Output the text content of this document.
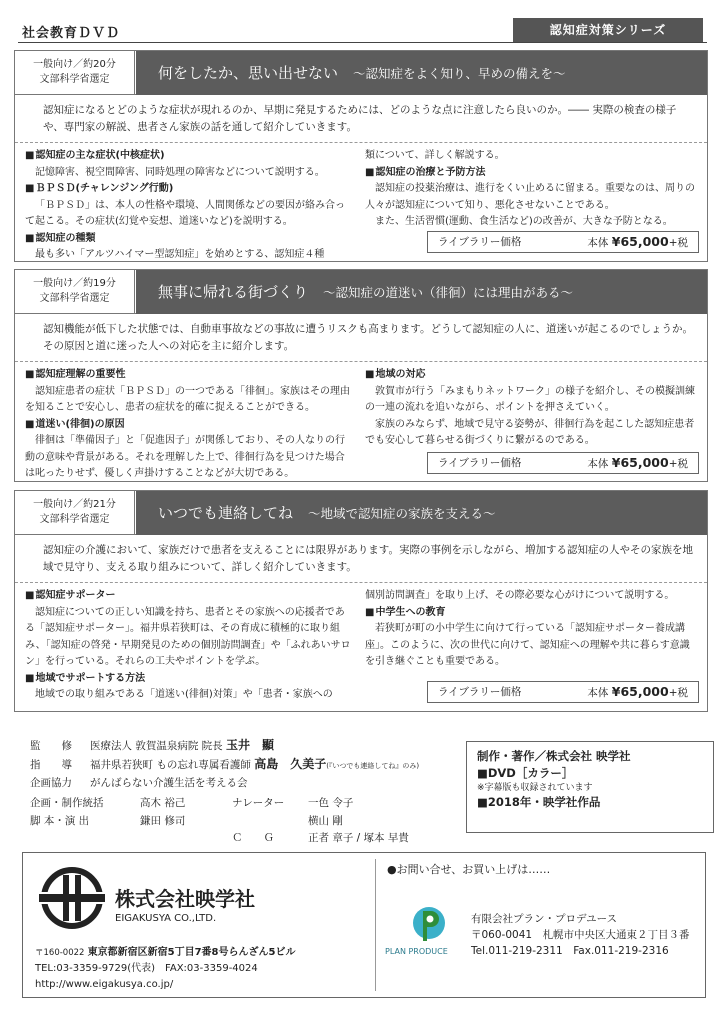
社会教育ＤＶＤ	認知症対策シリーズ
一般向け／約20分
文部科学省選定	何をしたか、思い出せない　 ～認知症をよく知り、早めの備えを～
認知症になるとどのような症状が現れるのか、早期に発見するためには、どのような点に注意したら良いのか。―― 実際の検査の様子や、専門家の解説、患者さん家族の話を通して紹介していきます。
■ 認知症の主な症状(中核症状)
記憶障害、視空間障害、同時処理の障害などについて説明する。
■ ＢＰＳＤ(チャレンジング行動)
「ＢＰＳＤ」は、本人の性格や環境、人間関係などの要因が絡み合って起こる。その症状(幻覚や妄想、道迷いなど)を説明する。
■ 認知症の種類
最も多い「アルツハイマー型認知症」を始めとする、認知症４種
類について、詳しく解説する。
■ 認知症の治療と予防方法
認知症の投薬治療は、進行をくい止めるに留まる。重要なのは、周りの人々が認知症について知り、悪化させないことである。
また、生活習慣(運動、食生活など)の改善が、大きな予防となる。
ライブラリー価格	本体 ¥65,000+税
一般向け／約19分
文部科学省選定	無事に帰れる街づくり　 ～認知症の道迷い（徘徊）には理由がある～
認知機能が低下した状態では、自動車事故などの事故に遭うリスクも高まります。どうして認知症の人に、道迷いが起こるのでしょうか。その原因と道に迷った人への対応を主に紹介します。
■ 認知症理解の重要性
認知症患者の症状「ＢＰＳＤ」の一つである「徘徊」。家族はその理由を知ることで安心し、患者の症状を的確に捉えることができる。
■ 道迷い(徘徊)の原因
徘徊は「準備因子」と「促進因子」が関係しており、その人なりの行動の意味や背景がある。それを理解した上で、徘徊行為を見つけた場合は叱ったりせず、優しく声掛けすることなどが大切である。
■ 地域の対応
敦賀市が行う「みまもりネットワーク」の様子を紹介し、その模擬訓練の一連の流れを追いながら、ポイントを押さえていく。
家族のみならず、地域で見守る姿勢が、徘徊行為を起こした認知症患者でも安心して暮らせる街づくりに繋がるのである。
ライブラリー価格	本体 ¥65,000+税
一般向け／約21分
文部科学省選定	いつでも連絡してね　 ～地域で認知症の家族を支える～
認知症の介護において、家族だけで患者を支えることには限界があります。実際の事例を示しながら、増加する認知症の人やその家族を地域で見守り、支える取り組みについて、詳しく紹介していきます。
■ 認知症サポーター
認知症についての正しい知識を持ち、患者とその家族への応援者である「認知症サポーター」。福井県若狭町は、その育成に積極的に取り組み、「認知症の啓発・早期発見のための個別訪問調査」や「ふれあいサロン」を行っている。それらの工夫やポイントを学ぶ。
■ 地域でサポートする方法
地域での取り組みである「道迷い(徘徊)対策」や「患者・家族への
個別訪問調査」を取り上げ、その際必要な心がけについて説明する。
■ 中学生への教育
若狭町が町の小中学生に向けて行っている「認知症サポーター養成講座」。このように、次の世代に向けて、認知症への理解や共に暮らす意識を引き継ぐことも重要である。
ライブラリー価格	本体 ¥65,000+税
監　　修 医療法人 敦賀温泉病院 院長 玉井　顯
指　　導 福井県若狭町 もの忘れ専属看護師 高島　久美子(『いつでも連絡してね』のみ)
企画協力 がんばらない介護生活を考える会
企画・制作統括	高木 裕己	ナレーター 一色 令子
脚 本・演 出	鎌田 修司	横山 剛
Ｃ　　Ｇ	正者 章子 / 塚本 早貴
制作・著作／株式会社 映学社
■DVD［カラー］
※字幕版も収録されています
■2018年・映学社作品
株式会社映学社
EIGAKUSYA CO.,LTD.
〒160-0022 東京都新宿区新宿5丁目7番8号らんざん5ビル
TEL:03-3359-9729(代表)　 FAX:03-3359-4024
http://www.eigakusya.co.jp/
●お問い合せ、お買い上げは……
PLAN PRODUCE
有限会社プラン・プロデユース
〒060-0041　 札幌市中央区大通東２丁目３番
Tel.011-219-2311　 Fax.011-219-2316
